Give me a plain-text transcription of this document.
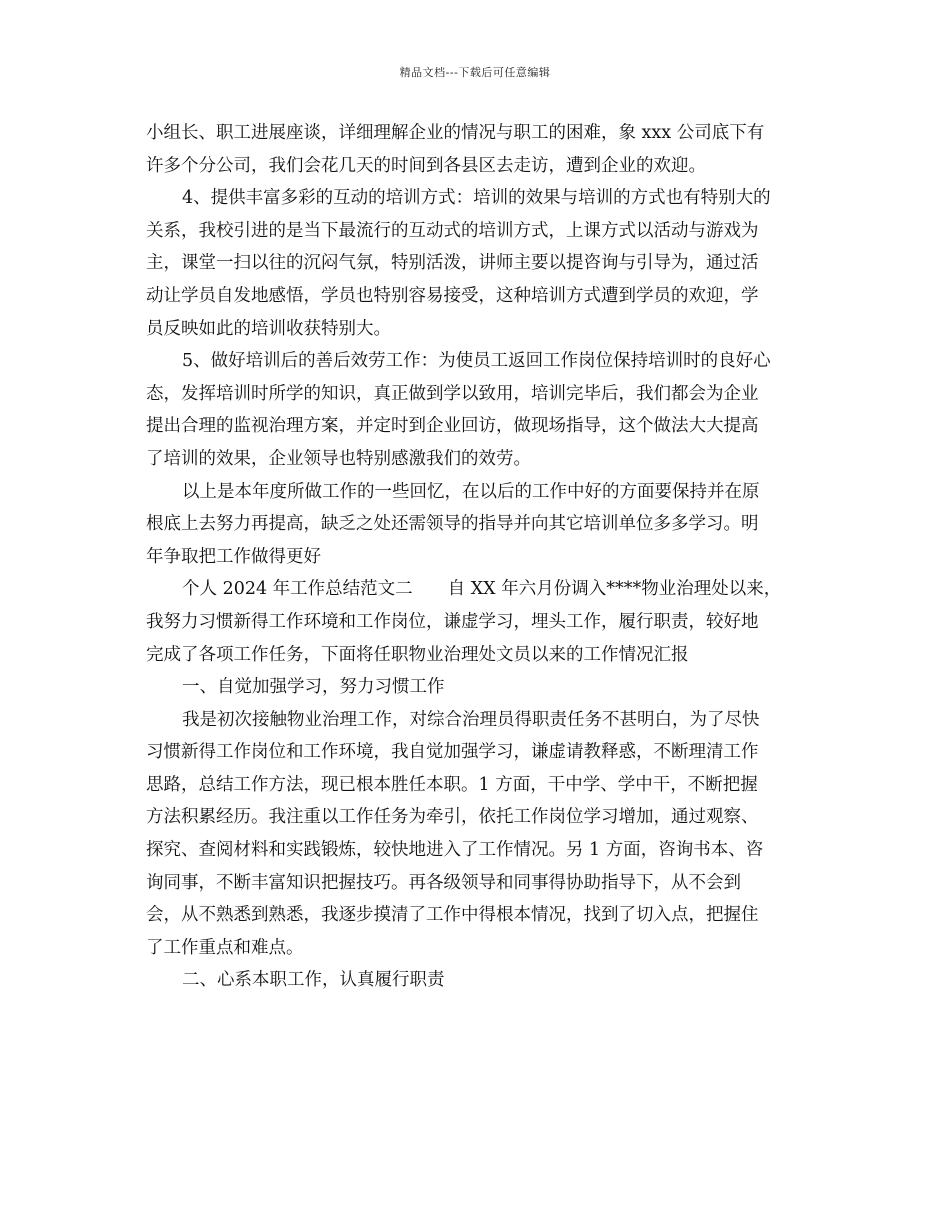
精品文档---下载后可任意编辑
小组长、职工进展座谈，详细理解企业的情况与职工的困难，象 xxx 公司底下有
许多个分公司，我们会花几天的时间到各县区去走访，遭到企业的欢迎。
4、提供丰富多彩的互动的培训方式：培训的效果与培训的方式也有特别大的
关系，我校引进的是当下最流行的互动式的培训方式，上课方式以活动与游戏为
主，课堂一扫以往的沉闷气氛，特别活泼，讲师主要以提咨询与引导为，通过活
动让学员自发地感悟，学员也特别容易接受，这种培训方式遭到学员的欢迎，学
员反映如此的培训收获特别大。
5、做好培训后的善后效劳工作：为使员工返回工作岗位保持培训时的良好心
态，发挥培训时所学的知识，真正做到学以致用，培训完毕后，我们都会为企业
提出合理的监视治理方案，并定时到企业回访，做现场指导，这个做法大大提高
了培训的效果，企业领导也特别感激我们的效劳。
以上是本年度所做工作的一些回忆，在以后的工作中好的方面要保持并在原
根底上去努力再提高，缺乏之处还需领导的指导并向其它培训单位多多学习。明
年争取把工作做得更好
个人 2024 年工作总结范文二　　自 XX 年六月份调入****物业治理处以来，
我努力习惯新得工作环境和工作岗位，谦虚学习，埋头工作，履行职责，较好地
完成了各项工作任务，下面将任职物业治理处文员以来的工作情况汇报
一、自觉加强学习，努力习惯工作
我是初次接触物业治理工作，对综合治理员得职责任务不甚明白，为了尽快
习惯新得工作岗位和工作环境，我自觉加强学习，谦虚请教释惑，不断理清工作
思路，总结工作方法，现已根本胜任本职。1 方面，干中学、学中干，不断把握
方法积累经历。我注重以工作任务为牵引，依托工作岗位学习增加，通过观察、
探究、查阅材料和实践锻炼，较快地进入了工作情况。另 1 方面，咨询书本、咨
询同事，不断丰富知识把握技巧。再各级领导和同事得协助指导下，从不会到
会，从不熟悉到熟悉，我逐步摸清了工作中得根本情况，找到了切入点，把握住
了工作重点和难点。
二、心系本职工作，认真履行职责
